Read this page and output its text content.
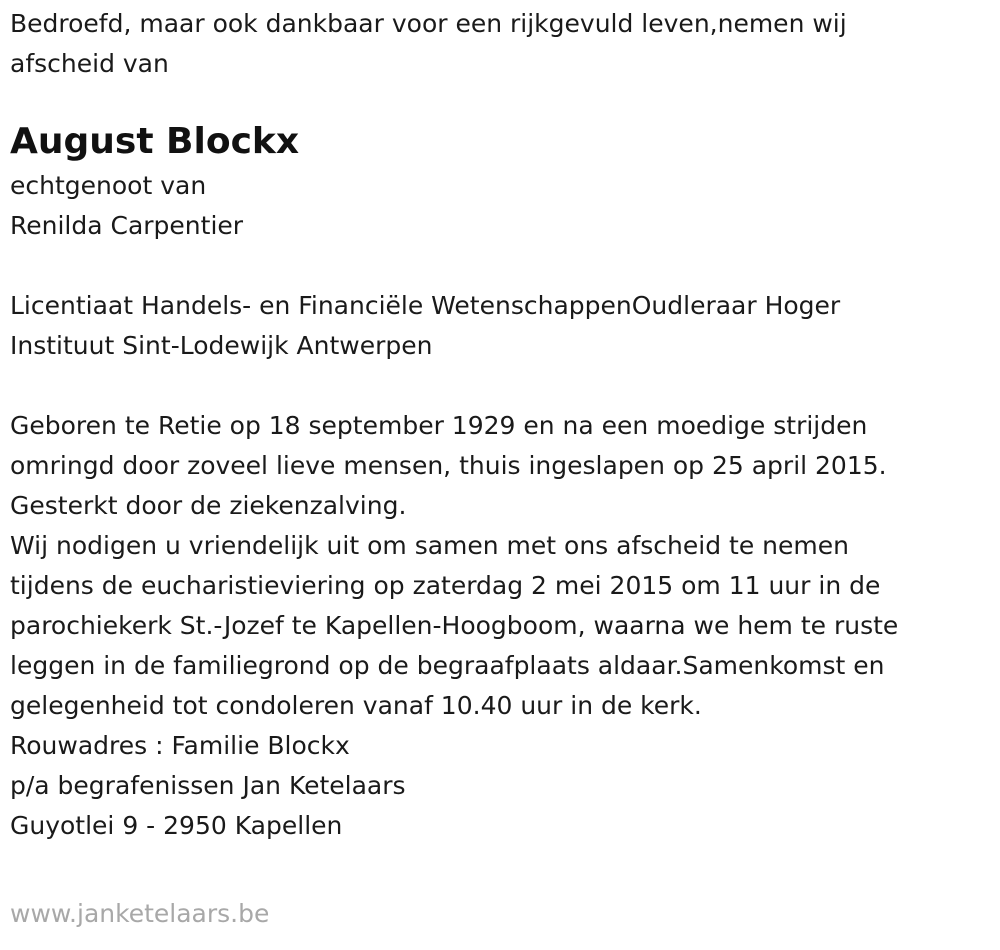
Bedroefd, maar ook dankbaar voor een rijkgevuld leven,nemen wij
afscheid van
August Blockx
echtgenoot van
Renilda Carpentier
Licentiaat Handels- en Financiële WetenschappenOudleraar Hoger
Instituut Sint-Lodewijk Antwerpen
Geboren te Retie op 18 september 1929 en na een moedige strijden
omringd door zoveel lieve mensen, thuis ingeslapen op 25 april 2015.
Gesterkt door de ziekenzalving.
Wij nodigen u vriendelijk uit om samen met ons afscheid te nemen
tijdens de eucharistieviering op zaterdag 2 mei 2015 om 11 uur in de
parochiekerk St.-Jozef te Kapellen-Hoogboom, waarna we hem te ruste
leggen in de familiegrond op de begraafplaats aldaar.Samenkomst en
gelegenheid tot condoleren vanaf 10.40 uur in de kerk.
Rouwadres : Familie Blockx
p/a begrafenissen Jan Ketelaars
Guyotlei 9 - 2950 Kapellen
www.janketelaars.be
